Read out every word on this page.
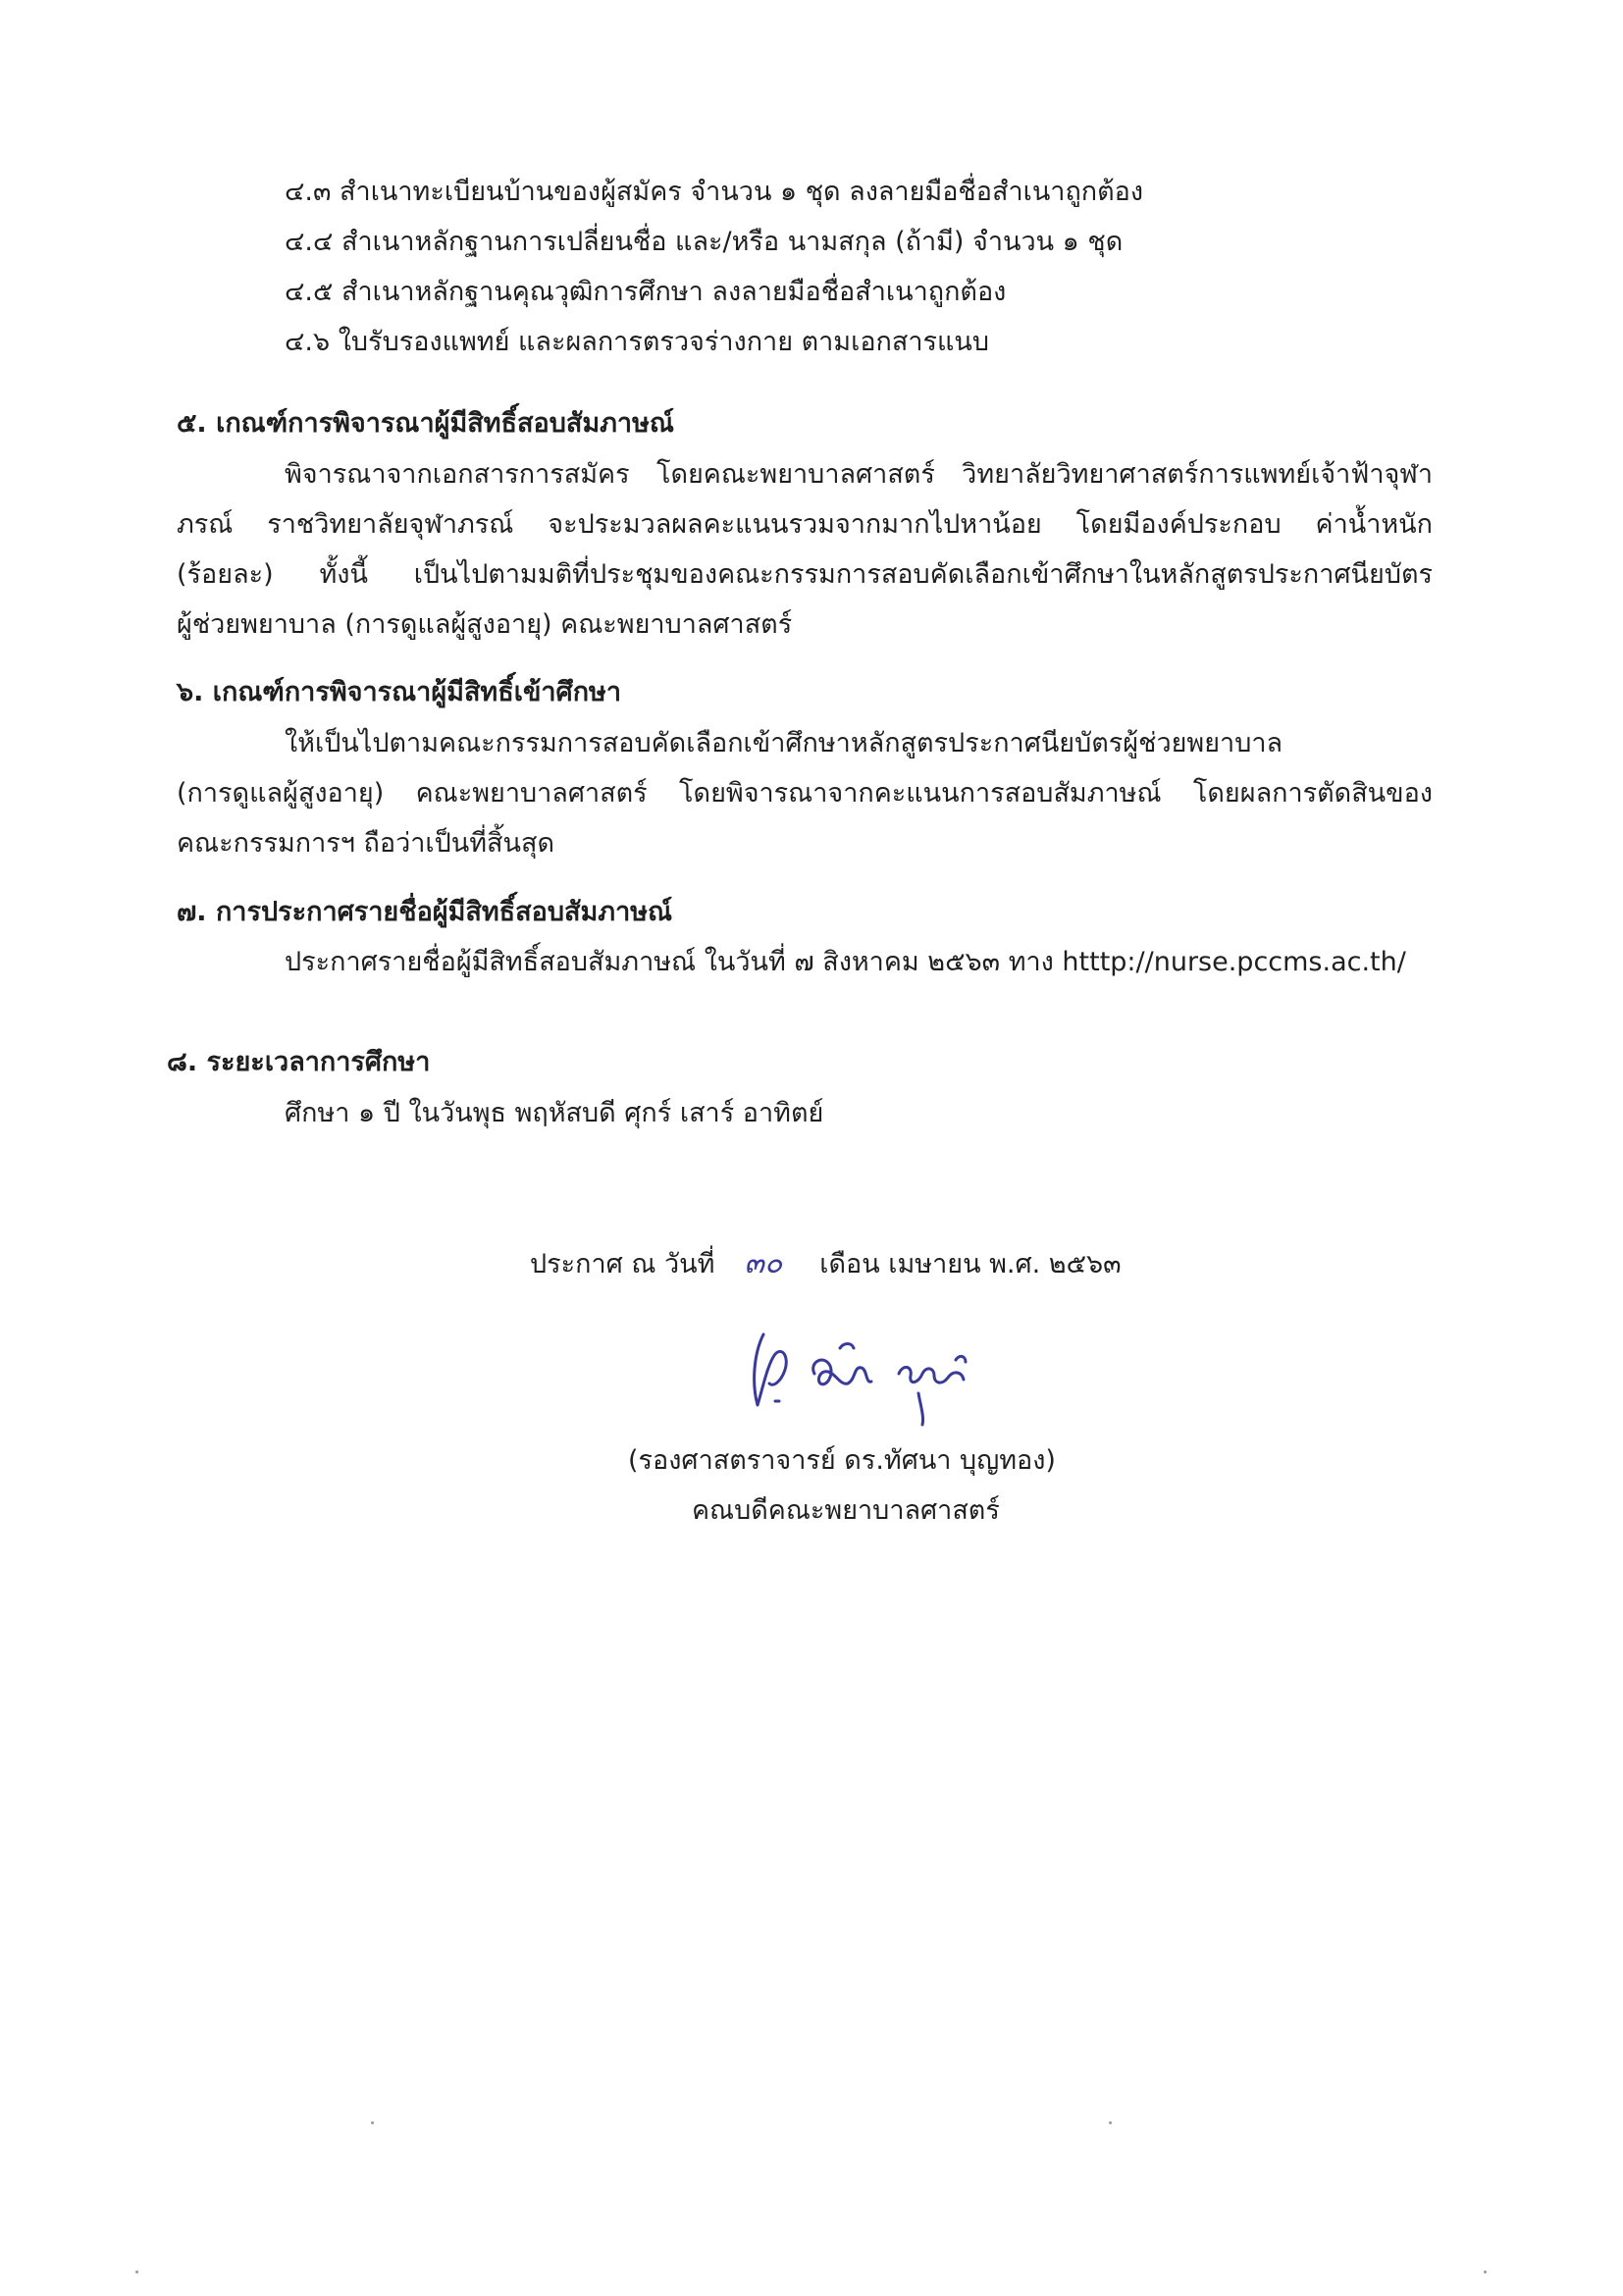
๔.๓ สำเนาทะเบียนบ้านของผู้สมัคร จำนวน ๑ ชุด ลงลายมือชื่อสำเนาถูกต้อง
๔.๔ สำเนาหลักฐานการเปลี่ยนชื่อ และ/หรือ นามสกุล (ถ้ามี) จำนวน ๑ ชุด
๔.๕ สำเนาหลักฐานคุณวุฒิการศึกษา ลงลายมือชื่อสำเนาถูกต้อง
๔.๖ ใบรับรองแพทย์ และผลการตรวจร่างกาย ตามเอกสารแนบ
๕. เกณฑ์การพิจารณาผู้มีสิทธิ์สอบสัมภาษณ์
พิจารณาจากเอกสารการสมัคร โดยคณะพยาบาลศาสตร์ วิทยาลัยวิทยาศาสตร์การแพทย์เจ้าฟ้าจุฬา
ภรณ์ ราชวิทยาลัยจุฬาภรณ์ จะประมวลผลคะแนนรวมจากมากไปหาน้อย โดยมีองค์ประกอบ ค่าน้ำหนัก
(ร้อยละ) ทั้งนี้ เป็นไปตามมติที่ประชุมของคณะกรรมการสอบคัดเลือกเข้าศึกษาในหลักสูตรประกาศนียบัตร
ผู้ช่วยพยาบาล (การดูแลผู้สูงอายุ) คณะพยาบาลศาสตร์
๖. เกณฑ์การพิจารณาผู้มีสิทธิ์เข้าศึกษา
ให้เป็นไปตามคณะกรรมการสอบคัดเลือกเข้าศึกษาหลักสูตรประกาศนียบัตรผู้ช่วยพยาบาล
(การดูแลผู้สูงอายุ) คณะพยาบาลศาสตร์ โดยพิจารณาจากคะแนนการสอบสัมภาษณ์ โดยผลการตัดสินของ
คณะกรรมการฯ ถือว่าเป็นที่สิ้นสุด
๗. การประกาศรายชื่อผู้มีสิทธิ์สอบสัมภาษณ์
ประกาศรายชื่อผู้มีสิทธิ์สอบสัมภาษณ์ ในวันที่ ๗ สิงหาคม ๒๕๖๓ ทาง htttp://nurse.pccms.ac.th/
๘. ระยะเวลาการศึกษา
ศึกษา ๑ ปี ในวันพุธ พฤหัสบดี ศุกร์ เสาร์ อาทิตย์
ประกาศ ณ วันที่ ๓๐ เดือน เมษายน พ.ศ. ๒๕๖๓
(รองศาสตราจารย์ ดร.ทัศนา บุญทอง)
คณบดีคณะพยาบาลศาสตร์
